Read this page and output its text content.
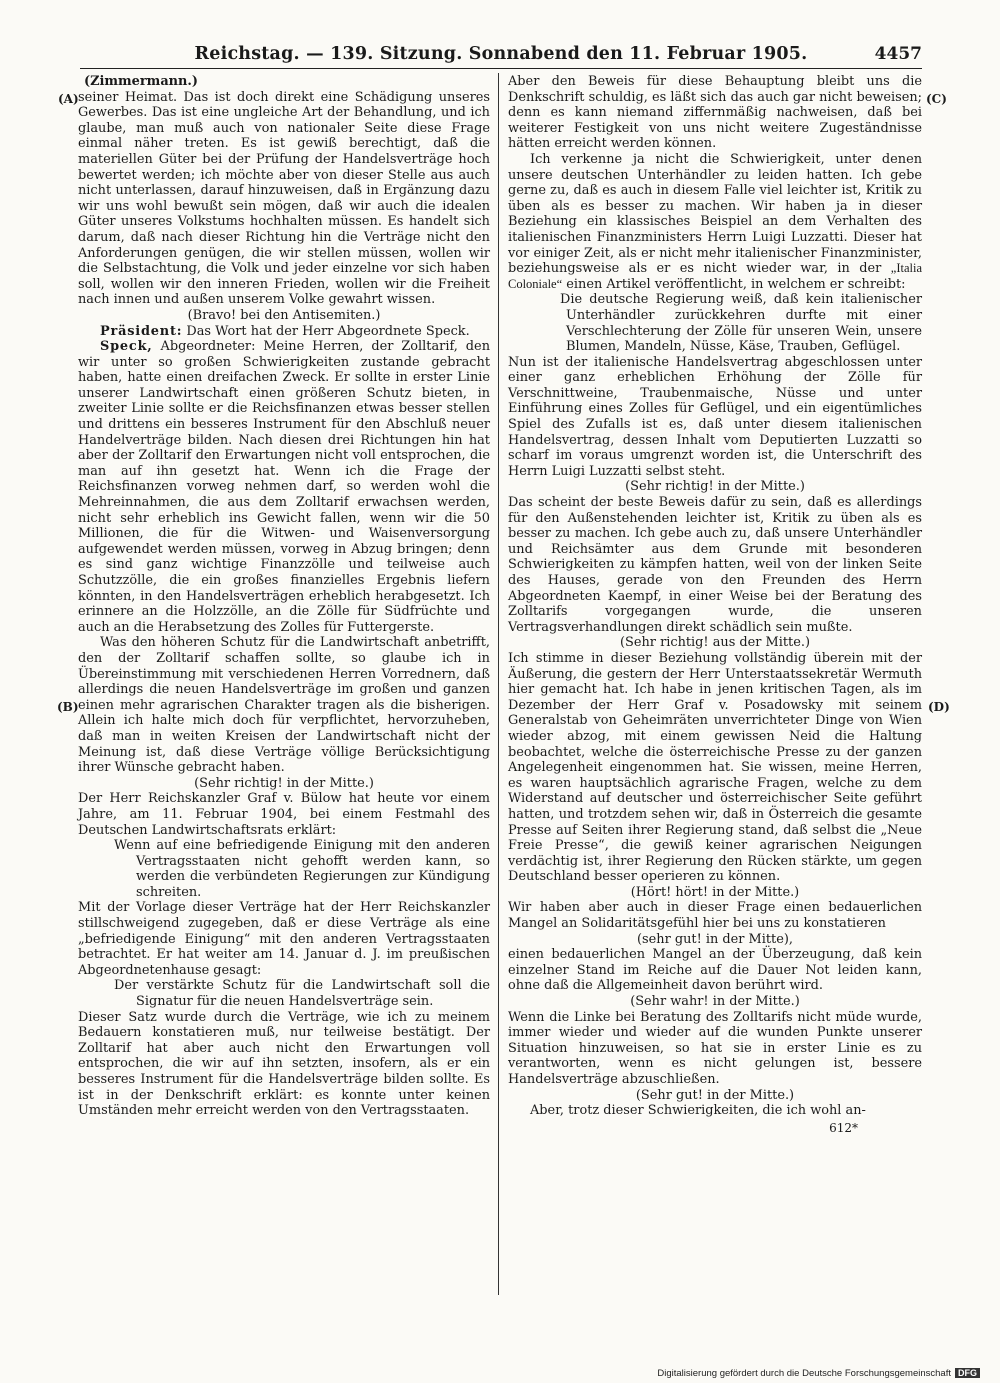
Reichstag. — 139. Sitzung. Sonnabend den 11. Februar 1905.	4457
(A)
(B)
(C)
(D)

(Zimmermann.)

seiner Heimat. Das ist doch direkt eine Schädigung unseres Gewerbes. Das ist eine ungleiche Art der Behandlung, und ich glaube, man muß auch von nationaler Seite diese Frage einmal näher treten. Es ist gewiß berechtigt, daß die materiellen Güter bei der Prüfung der Handelsverträge hoch bewertet werden; ich möchte aber von dieser Stelle aus auch nicht unterlassen, darauf hinzuweisen, daß in Ergänzung dazu wir uns wohl bewußt sein mögen, daß wir auch die idealen Güter unseres Volkstums hochhalten müssen. Es handelt sich darum, daß nach dieser Richtung hin die Verträge nicht den Anforderungen genügen, die wir stellen müssen, wollen wir die Selbstachtung, die Volk und jeder einzelne vor sich haben soll, wollen wir den inneren Frieden, wollen wir die Freiheit nach innen und außen unserem Volke gewahrt wissen.

(Bravo! bei den Antisemiten.)

Präsident: Das Wort hat der Herr Abgeordnete Speck.

Speck, Abgeordneter: Meine Herren, der Zolltarif, den wir unter so großen Schwierigkeiten zustande gebracht haben, hatte einen dreifachen Zweck. Er sollte in erster Linie unserer Landwirtschaft einen größeren Schutz bieten, in zweiter Linie sollte er die Reichsfinanzen etwas besser stellen und drittens ein besseres Instrument für den Abschluß neuer Handelverträge bilden. Nach diesen drei Richtungen hin hat aber der Zolltarif den Erwartungen nicht voll entsprochen, die man auf ihn gesetzt hat. Wenn ich die Frage der Reichsfinanzen vorweg nehmen darf, so werden wohl die Mehreinnahmen, die aus dem Zolltarif erwachsen werden, nicht sehr erheblich ins Gewicht fallen, wenn wir die 50 Millionen, die für die Witwen- und Waisenversorgung aufgewendet werden müssen, vorweg in Abzug bringen; denn es sind ganz wichtige Finanzzölle und teilweise auch Schutzzölle, die ein großes finanzielles Ergebnis liefern könnten, in den Handelsverträgen erheblich herabgesetzt. Ich erinnere an die Holzzölle, an die Zölle für Südfrüchte und auch an die Herabsetzung des Zolles für Futtergerste.

Was den höheren Schutz für die Landwirtschaft anbetrifft, den der Zolltarif schaffen sollte, so glaube ich in Übereinstimmung mit verschiedenen Herren Vorrednern, daß allerdings die neuen Handelsverträge im großen und ganzen einen mehr agrarischen Charakter tragen als die bisherigen. Allein ich halte mich doch für verpflichtet, hervorzuheben, daß man in weiten Kreisen der Landwirtschaft nicht der Meinung ist, daß diese Verträge völlige Berücksichtigung ihrer Wünsche gebracht haben.

(Sehr richtig! in der Mitte.)

Der Herr Reichskanzler Graf v. Bülow hat heute vor einem Jahre, am 11. Februar 1904, bei einem Festmahl des Deutschen Landwirtschaftsrats erklärt:

Wenn auf eine befriedigende Einigung mit den anderen Vertragsstaaten nicht gehofft werden kann, so werden die verbündeten Regierungen zur Kündigung schreiten.

Mit der Vorlage dieser Verträge hat der Herr Reichskanzler stillschweigend zugegeben, daß er diese Verträge als eine „befriedigende Einigung“ mit den anderen Vertragsstaaten betrachtet. Er hat weiter am 14. Januar d. J. im preußischen Abgeordnetenhause gesagt:

Der verstärkte Schutz für die Landwirtschaft soll die Signatur für die neuen Handelsverträge sein.

Dieser Satz wurde durch die Verträge, wie ich zu meinem Bedauern konstatieren muß, nur teilweise bestätigt. Der Zolltarif hat aber auch nicht den Erwartungen voll entsprochen, die wir auf ihn setzten, insofern, als er ein besseres Instrument für die Handelsverträge bilden sollte. Es ist in der Denkschrift erklärt: es konnte unter keinen Umständen mehr erreicht werden von den Vertragsstaaten.

Aber den Beweis für diese Behauptung bleibt uns die Denkschrift schuldig, es läßt sich das auch gar nicht beweisen; denn es kann niemand ziffernmäßig nachweisen, daß bei weiterer Festigkeit von uns nicht weitere Zugeständnisse hätten erreicht werden können.

Ich verkenne ja nicht die Schwierigkeit, unter denen unsere deutschen Unterhändler zu leiden hatten. Ich gebe gerne zu, daß es auch in diesem Falle viel leichter ist, Kritik zu üben als es besser zu machen. Wir haben ja in dieser Beziehung ein klassisches Beispiel an dem Verhalten des italienischen Finanzministers Herrn Luigi Luzzatti. Dieser hat vor einiger Zeit, als er nicht mehr italienischer Finanzminister, beziehungsweise als er es nicht wieder war, in der „Italia Coloniale“ einen Artikel veröffentlicht, in welchem er schreibt:

Die deutsche Regierung weiß, daß kein italienischer Unterhändler zurückkehren durfte mit einer Verschlechterung der Zölle für unseren Wein, unsere Blumen, Mandeln, Nüsse, Käse, Trauben, Geflügel.

Nun ist der italienische Handelsvertrag abgeschlossen unter einer ganz erheblichen Erhöhung der Zölle für Verschnittweine, Traubenmaische, Nüsse und unter Einführung eines Zolles für Geflügel, und ein eigentümliches Spiel des Zufalls ist es, daß unter diesem italienischen Handelsvertrag, dessen Inhalt vom Deputierten Luzzatti so scharf im voraus umgrenzt worden ist, die Unterschrift des Herrn Luigi Luzzatti selbst steht.

(Sehr richtig! in der Mitte.)

Das scheint der beste Beweis dafür zu sein, daß es allerdings für den Außenstehenden leichter ist, Kritik zu üben als es besser zu machen. Ich gebe auch zu, daß unsere Unterhändler und Reichsämter aus dem Grunde mit besonderen Schwierigkeiten zu kämpfen hatten, weil von der linken Seite des Hauses, gerade von den Freunden des Herrn Abgeordneten Kaempf, in einer Weise bei der Beratung des Zolltarifs vorgegangen wurde, die unseren Vertragsverhandlungen direkt schädlich sein mußte.

(Sehr richtig! aus der Mitte.)

Ich stimme in dieser Beziehung vollständig überein mit der Äußerung, die gestern der Herr Unterstaatssekretär Wermuth hier gemacht hat. Ich habe in jenen kritischen Tagen, als im Dezember der Herr Graf v. Posadowsky mit seinem Generalstab von Geheimräten unverrichteter Dinge von Wien wieder abzog, mit einem gewissen Neid die Haltung beobachtet, welche die österreichische Presse zu der ganzen Angelegenheit eingenommen hat. Sie wissen, meine Herren, es waren hauptsächlich agrarische Fragen, welche zu dem Widerstand auf deutscher und österreichischer Seite geführt hatten, und trotzdem sehen wir, daß in Österreich die gesamte Presse auf Seiten ihrer Regierung stand, daß selbst die „Neue Freie Presse“, die gewiß keiner agrarischen Neigungen verdächtig ist, ihrer Regierung den Rücken stärkte, um gegen Deutschland besser operieren zu können.

(Hört! hört! in der Mitte.)

Wir haben aber auch in dieser Frage einen bedauerlichen Mangel an Solidaritätsgefühl hier bei uns zu konstatieren

(sehr gut! in der Mitte),

einen bedauerlichen Mangel an der Überzeugung, daß kein einzelner Stand im Reiche auf die Dauer Not leiden kann, ohne daß die Allgemeinheit davon berührt wird.

(Sehr wahr! in der Mitte.)

Wenn die Linke bei Beratung des Zolltarifs nicht müde wurde, immer wieder und wieder auf die wunden Punkte unserer Situation hinzuweisen, so hat sie in erster Linie es zu verantworten, wenn es nicht gelungen ist, bessere Handelsverträge abzuschließen.

(Sehr gut! in der Mitte.)

Aber, trotz dieser Schwierigkeiten, die ich wohl an-

612*

Digitalisierung gefördert durch die Deutsche Forschungsgemeinschaft DFG
